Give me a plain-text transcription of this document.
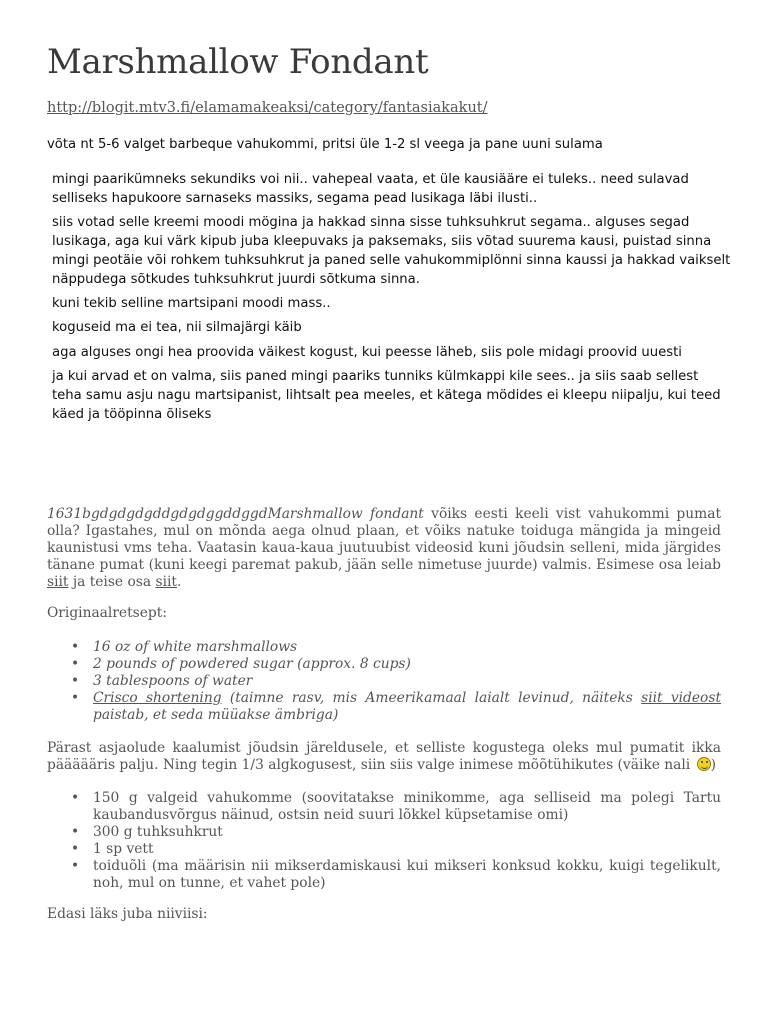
Marshmallow Fondant
http://blogit.mtv3.fi/elamamakeaksi/category/fantasiakakut/

võta nt 5-6 valget barbeque vahukommi, pritsi üle 1-2 sl veega ja pane uuni sulama

mingi paarikümneks sekundiks voi nii.. vahepeal vaata, et üle kausiääre ei tuleks.. need sulavad selliseks hapukoore sarnaseks massiks, segama pead lusikaga läbi ilusti..

siis votad selle kreemi moodi mögina ja hakkad sinna sisse tuhksuhkrut segama.. alguses segad lusikaga, aga kui värk kipub juba kleepuvaks ja paksemaks, siis võtad suurema kausi, puistad sinna mingi peotäie või rohkem tuhksuhkrut ja paned selle vahukommiplönni sinna kaussi ja hakkad vaikselt näppudega sõtkudes tuhksuhkrut juurdi sõtkuma sinna.

kuni tekib selline martsipani moodi mass..

koguseid ma ei tea, nii silmajärgi käib

aga alguses ongi hea proovida väikest kogust, kui peesse läheb, siis pole midagi proovid uuesti

ja kui arvad et on valma, siis paned mingi paariks tunniks külmkappi kile sees.. ja siis saab sellest teha samu asju nagu martsipanist, lihtsalt pea meeles, et kätega mödides ei kleepu niipalju, kui teed käed ja tööpinna õliseks

1631bgdgdgdgddgdgdggddggdMarshmallow fondant võiks eesti keeli vist vahukommi pumat olla? Igastahes, mul on mõnda aega olnud plaan, et võiks natuke toiduga mängida ja mingeid kaunistusi vms teha. Vaatasin kaua-kaua juutuubist videosid kuni jõudsin selleni, mida järgides tänane pumat (kuni keegi paremat pakub, jään selle nimetuse juurde) valmis. Esimese osa leiab siit ja teise osa siit.

Originaalretsept:

• 16 oz of white marshmallows
• 2 pounds of powdered sugar (approx. 8 cups)
• 3 tablespoons of water
• Crisco shortening (taimne rasv, mis Ameerikamaal laialt levinud, näiteks siit videost paistab, et seda müüakse ämbriga)

Pärast asjaolude kaalumist jõudsin järeldusele, et selliste kogustega oleks mul pumatit ikka päääääris palju. Ning tegin 1/3 algkogusest, siin siis valge inimese mõõtühikutes (väike nali )

• 150 g valgeid vahukomme (soovitatakse minikomme, aga selliseid ma polegi Tartu kaubandusvõrgus näinud, ostsin neid suuri lõkkel küpsetamise omi)
• 300 g tuhksuhkrut
• 1 sp vett
• toiduõli (ma määrisin nii mikserdamiskausi kui mikseri konksud kokku, kuigi tegelikult, noh, mul on tunne, et vahet pole)

Edasi läks juba niiviisi:
